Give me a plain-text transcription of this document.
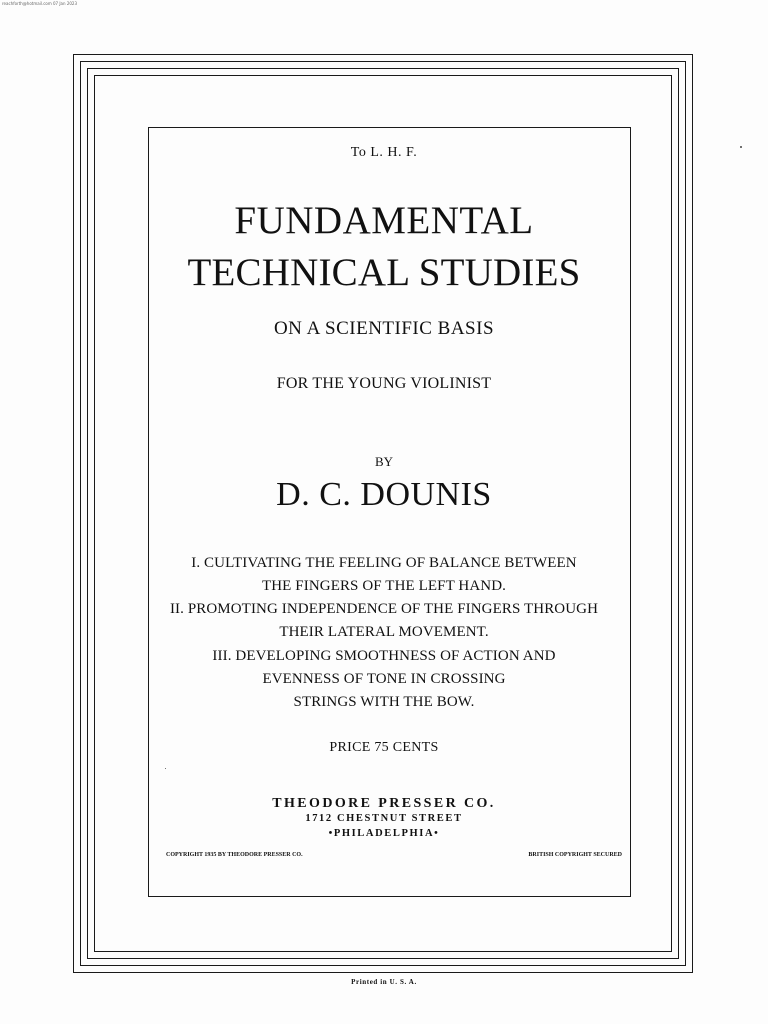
reachforth@hotmail.com 07 Jan 2023
To L. H. F.
FUNDAMENTAL
TECHNICAL STUDIES
ON A SCIENTIFIC BASIS
FOR THE YOUNG VIOLINIST
BY
D. C. DOUNIS
I. CULTIVATING THE FEELING OF BALANCE BETWEEN
THE FINGERS OF THE LEFT HAND.
II. PROMOTING INDEPENDENCE OF THE FINGERS THROUGH
THEIR LATERAL MOVEMENT.
III. DEVELOPING SMOOTHNESS OF ACTION AND
EVENNESS OF TONE IN CROSSING
STRINGS WITH THE BOW.
PRICE 75 CENTS
THEODORE PRESSER CO.
1712 CHESTNUT STREET
•PHILADELPHIA•
COPYRIGHT 1935 BY THEODORE PRESSER CO.	BRITISH COPYRIGHT SECURED
Printed in U. S. A.
